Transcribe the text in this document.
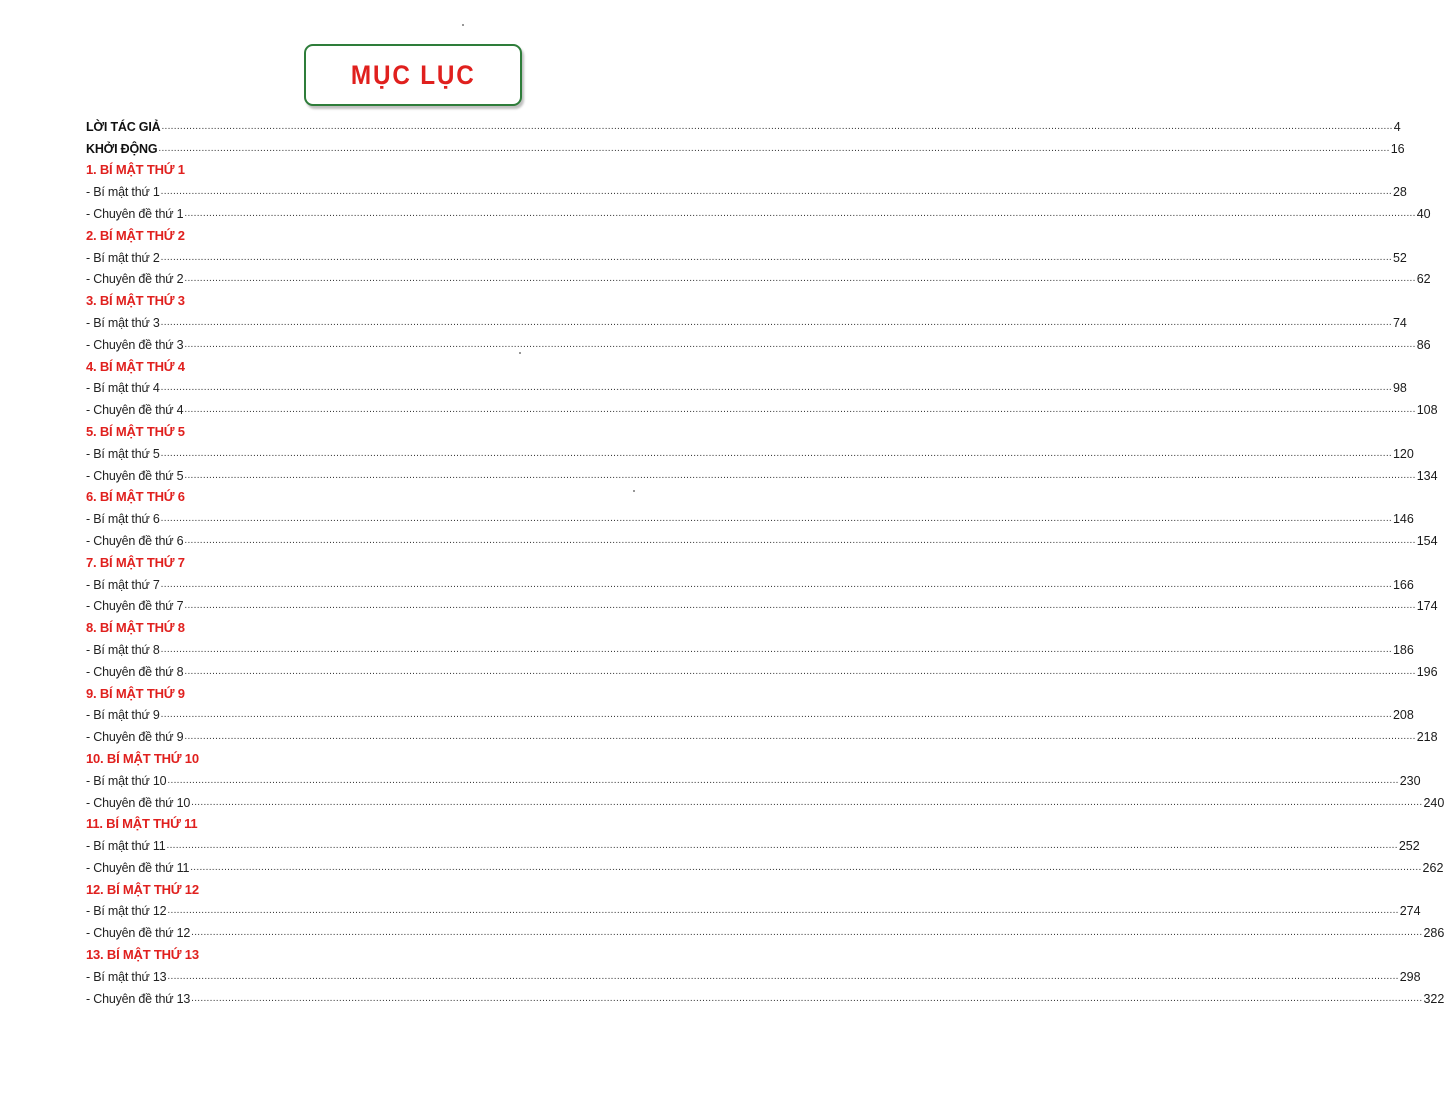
MỤC LỤC
LỜI TÁC GIẢ ................................................................................................................................................................................................................................................................................................................................................................................................................ 4
KHỞI ĐỘNG ................................................................................................................................................................................................................................................................................................................................................................................................................ 16
1. BÍ MẬT THỨ 1
- Bí mật thứ 1 ................................................................................................................................................................................................................................................................................................................................................................................................................ 28
- Chuyên đề thứ 1 ................................................................................................................................................................................................................................................................................................................................................................................................................ 40
2. BÍ MẬT THỨ 2
- Bí mật thứ 2 ................................................................................................................................................................................................................................................................................................................................................................................................................ 52
- Chuyên đề thứ 2 ................................................................................................................................................................................................................................................................................................................................................................................................................ 62
3. BÍ MẬT THỨ 3
- Bí mật thứ 3 ................................................................................................................................................................................................................................................................................................................................................................................................................ 74
- Chuyên đề thứ 3 ................................................................................................................................................................................................................................................................................................................................................................................................................ 86
4. BÍ MẬT THỨ 4
- Bí mật thứ 4 ................................................................................................................................................................................................................................................................................................................................................................................................................ 98
- Chuyên đề thứ 4 ................................................................................................................................................................................................................................................................................................................................................................................................................ 108
5. BÍ MẬT THỨ 5
- Bí mật thứ 5 ................................................................................................................................................................................................................................................................................................................................................................................................................ 120
- Chuyên đề thứ 5 ................................................................................................................................................................................................................................................................................................................................................................................................................ 134
6. BÍ MẬT THỨ 6
- Bí mật thứ 6 ................................................................................................................................................................................................................................................................................................................................................................................................................ 146
- Chuyên đề thứ 6 ................................................................................................................................................................................................................................................................................................................................................................................................................ 154
7. BÍ MẬT THỨ 7
- Bí mật thứ 7 ................................................................................................................................................................................................................................................................................................................................................................................................................ 166
- Chuyên đề thứ 7 ................................................................................................................................................................................................................................................................................................................................................................................................................ 174
8. BÍ MẬT THỨ 8
- Bí mật thứ 8 ................................................................................................................................................................................................................................................................................................................................................................................................................ 186
- Chuyên đề thứ 8 ................................................................................................................................................................................................................................................................................................................................................................................................................ 196
9. BÍ MẬT THỨ 9
- Bí mật thứ 9 ................................................................................................................................................................................................................................................................................................................................................................................................................ 208
- Chuyên đề thứ 9 ................................................................................................................................................................................................................................................................................................................................................................................................................ 218
10. BÍ MẬT THỨ 10
- Bí mật thứ 10 ................................................................................................................................................................................................................................................................................................................................................................................................................ 230
- Chuyên đề thứ 10 ................................................................................................................................................................................................................................................................................................................................................................................................................ 240
11. BÍ MẬT THỨ 11
- Bí mật thứ 11 ................................................................................................................................................................................................................................................................................................................................................................................................................ 252
- Chuyên đề thứ 11 ................................................................................................................................................................................................................................................................................................................................................................................................................ 262
12. BÍ MẬT THỨ 12
- Bí mật thứ 12 ................................................................................................................................................................................................................................................................................................................................................................................................................ 274
- Chuyên đề thứ 12 ................................................................................................................................................................................................................................................................................................................................................................................................................ 286
13. BÍ MẬT THỨ 13
- Bí mật thứ 13 ................................................................................................................................................................................................................................................................................................................................................................................................................ 298
- Chuyên đề thứ 13 ................................................................................................................................................................................................................................................................................................................................................................................................................ 322
